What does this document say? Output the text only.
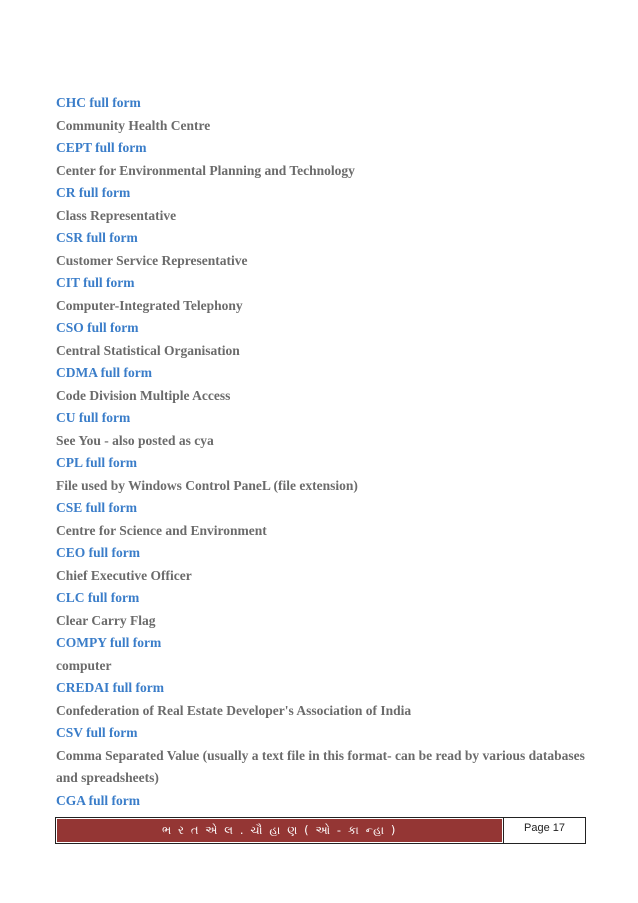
CHC full form
Community Health Centre
CEPT full form
Center for Environmental Planning and Technology
CR full form
Class Representative
CSR full form
Customer Service Representative
CIT full form
Computer-Integrated Telephony
CSO full form
Central Statistical Organisation
CDMA full form
Code Division Multiple Access
CU full form
See You - also posted as cya
CPL full form
File used by Windows Control PaneL (file extension)
CSE full form
Centre for Science and Environment
CEO full form
Chief Executive Officer
CLC full form
Clear Carry Flag
COMPY full form
computer
CREDAI full form
Confederation of Real Estate Developer's Association of India
CSV full form
Comma Separated Value (usually a text file in this format- can be read by various databases and spreadsheets)
CGA full form
ભ ર ત એ લ . ચૌ હા ણ ( ઓ - કા ન્હા )	Page 17
